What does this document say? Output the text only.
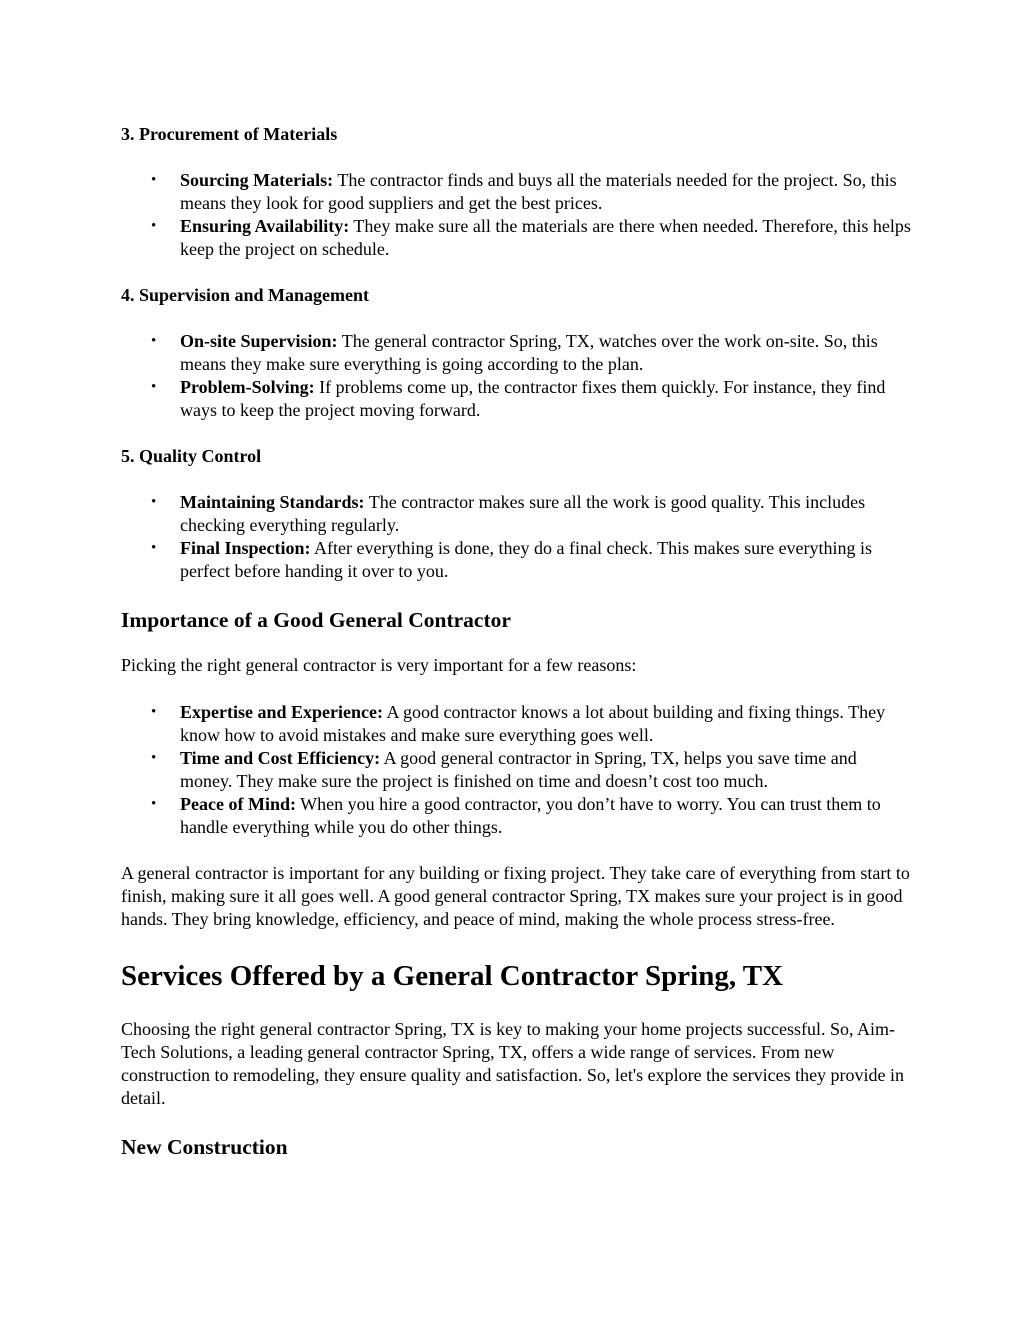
3. Procurement of Materials

• Sourcing Materials: The contractor finds and buys all the materials needed for the project. So, this means they look for good suppliers and get the best prices.
• Ensuring Availability: They make sure all the materials are there when needed. Therefore, this helps keep the project on schedule.

4. Supervision and Management

• On-site Supervision: The general contractor Spring, TX, watches over the work on-site. So, this means they make sure everything is going according to the plan.
• Problem-Solving: If problems come up, the contractor fixes them quickly. For instance, they find ways to keep the project moving forward.

5. Quality Control

• Maintaining Standards: The contractor makes sure all the work is good quality. This includes checking everything regularly.
• Final Inspection: After everything is done, they do a final check. This makes sure everything is perfect before handing it over to you.

Importance of a Good General Contractor

Picking the right general contractor is very important for a few reasons:

• Expertise and Experience: A good contractor knows a lot about building and fixing things. They know how to avoid mistakes and make sure everything goes well.
• Time and Cost Efficiency: A good general contractor in Spring, TX, helps you save time and money. They make sure the project is finished on time and doesn’t cost too much.
• Peace of Mind: When you hire a good contractor, you don’t have to worry. You can trust them to handle everything while you do other things.

A general contractor is important for any building or fixing project. They take care of everything from start to finish, making sure it all goes well. A good general contractor Spring, TX makes sure your project is in good hands. They bring knowledge, efficiency, and peace of mind, making the whole process stress-free.

Services Offered by a General Contractor Spring, TX

Choosing the right general contractor Spring, TX is key to making your home projects successful. So, Aim-Tech Solutions, a leading general contractor Spring, TX, offers a wide range of services. From new construction to remodeling, they ensure quality and satisfaction. So, let's explore the services they provide in detail.

New Construction
